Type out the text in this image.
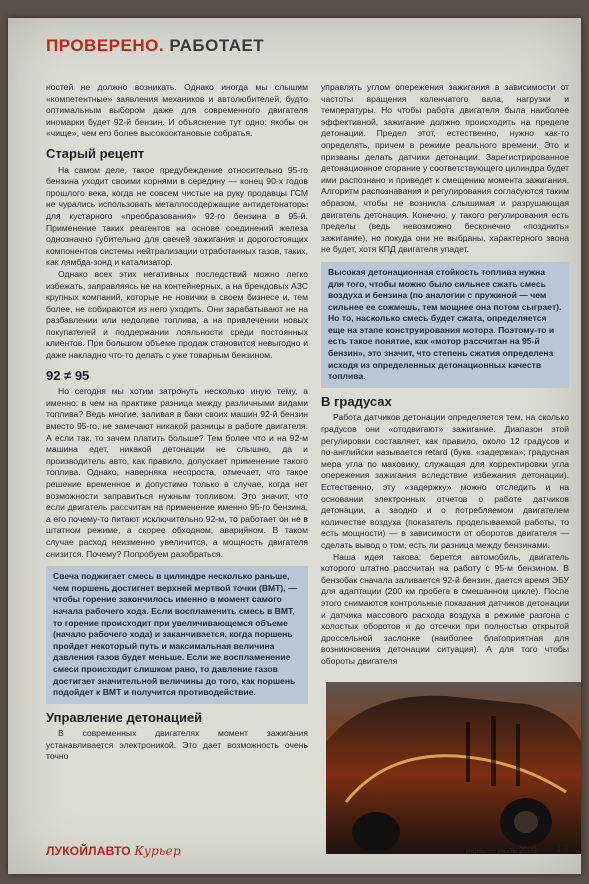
ПРОВЕРЕНО. РАБОТАЕТ

ностей не должно возникать. Однако иногда мы слышим «компетентные» заявления механиков и автолюбителей, будто оптимальным выбором даже для современного двигателя иномарки будет 92-й бензин. И объяснение тут одно: якобы он «чище», чем его более высокооктановые собратья.

Старый рецепт

На самом деле, такое предубеждение относительно 95-го бензина уходит своими корнями в середину — конец 90-х годов прошлого века, когда не совсем чистые на руку продавцы ГСМ не чурались использовать металлосодержащие антидетонаторы для кустарного «преобразования» 92-го бензина в 95-й. Применение таких реагентов на основе соединений железа однозначно губительно для свечей зажигания и дорогостоящих компонентов системы нейтрализации отработанных газов, таких, как лямбда-зонд и катализатор.

Однако всех этих негативных последствий можно легко избежать, заправляясь не на контейнерных, а на брендовых АЗС крупных компаний, которые не новички в своем бизнесе и, тем более, не собираются из него уходить. Они зарабатывают не на разбавлении или недоливе топлива, а на привлечении новых покупателей и поддержании лояльности среди постоянных клиентов. При большом объеме продаж становится невыгодно и даже накладно что-то делать с уже товарным бензином.

92 ≠ 95

Но сегодня мы хотим затронуть несколько иную тему, а именно: в чем на практике разница между различными видами топлива? Ведь многие, заливая в баки своих машин 92-й бензин вместо 95-го, не замечают никакой разницы в работе двигателя. А если так, то зачем платить больше? Тем более что и на 92-м машина едет, никакой детонации не слышно, да и производитель авто, как правило, допускает применение такого топлива. Однако, наверняка неспроста, отмечает, что такое решение временное и допустимо только в случае, когда нет возможности заправиться нужным топливом. Это значит, что если двигатель рассчитан на применение именно 95-го бензина, а его почему-то питают исключительно 92-м, то работает он не в штатном режиме, а скорее обходном, аварийном. В таком случае расход неизменно увеличится, а мощность двигателя снизится. Почему? Попробуем разобраться.

Свеча поджигает смесь в цилиндре несколько раньше, чем поршень достигнет верхней мертвой точки (ВМТ), — чтобы горение закончилось именно в момент самого начала рабочего хода. Если воспламенить смесь в ВМТ, то горение происходит при увеличивающемся объеме (начало рабочего хода) и заканчивается, когда поршень пройдет некоторый путь и максимальная величина давления газов будет меньше. Если же воспламенение смеси происходит слишком рано, то давление газов достигает значительной величины до того, как поршень подойдет к ВМТ и получится противодействие.
Управление детонацией

В современных двигателях момент зажигания устанавливается электроникой. Это дает возможность очень точно

управлять углом опережения зажигания в зависимости от частоты вращения коленчатого вала, нагрузки и температуры. Но чтобы работа двигателя была наиболее эффективной, зажигание должно происходить на пределе детонации. Предел этот, естественно, нужно как-то определять, причем в режиме реального времени. Это и призваны делать датчики детонации. Зарегистрированное детонационное сгорание у соответствующего цилиндра будет ими распознано и приведет к смещению момента зажигания. Алгоритм распознавания и регулирования согласуются таким образом, чтобы не возникла слышимая и разрушающая двигатель детонация. Конечно, у такого регулирования есть пределы (ведь невозможно бесконечно «позднить» зажигание), но покуда они не выбраны, характерного звона не будет, хотя КПД двигателя упадет.

Высокая детонационная стойкость топлива нужна для того, чтобы можно было сильнее сжать смесь воздуха и бензина (по аналогии с пружиной — чем сильнее ее сожмешь, тем мощнее она потом сыграет). Но то, насколько смесь будет сжата, определяется еще на этапе конструирования мотора. Поэтому-то и есть такое понятие, как «мотор рассчитан на 95-й бензин», это значит, что степень сжатия определена исходя из определенных детонационных качеств топлива.
В градусах

Работа датчиков детонации определяется тем, на сколько градусов они «отодвигают» зажигание. Диапазон этой регулировки составляет, как правило, около 12 градусов и по-английски называется retard (букв. «задержка»; градусная мера угла по маховику, служащая для корректировки угла опережения зажигания вследствие избежания детонации). Естественно, эту «задержку» можно отследить и на основании электронных отчетов о работе датчиков детонации, а заодно и о потребляемом двигателем количестве воздуха (показатель проделываемой работы, то есть мощности) — в зависимости от оборотов двигателя — сделать вывод о том, есть ли разница между бензинами.

Наша идея такова: берется автомобиль, двигатель которого штатно рассчитан на работу с 95-м бензином. В бензобак сначала заливается 92-й бензин, дается время ЭБУ для адаптации (200 км пробега в смешанном цикле). После этого снимаются контрольные показания датчиков детонации и датчика массового расхода воздуха в режиме разгона с холостых оборотов и до отсечки при полностью открытой дроссельной заслонке (наиболее благоприятная для возникновения детонации ситуация). А для того чтобы обороты двигателя

ЛУКОЙЛАВТО Курьер	июнь — июль 2009 13
